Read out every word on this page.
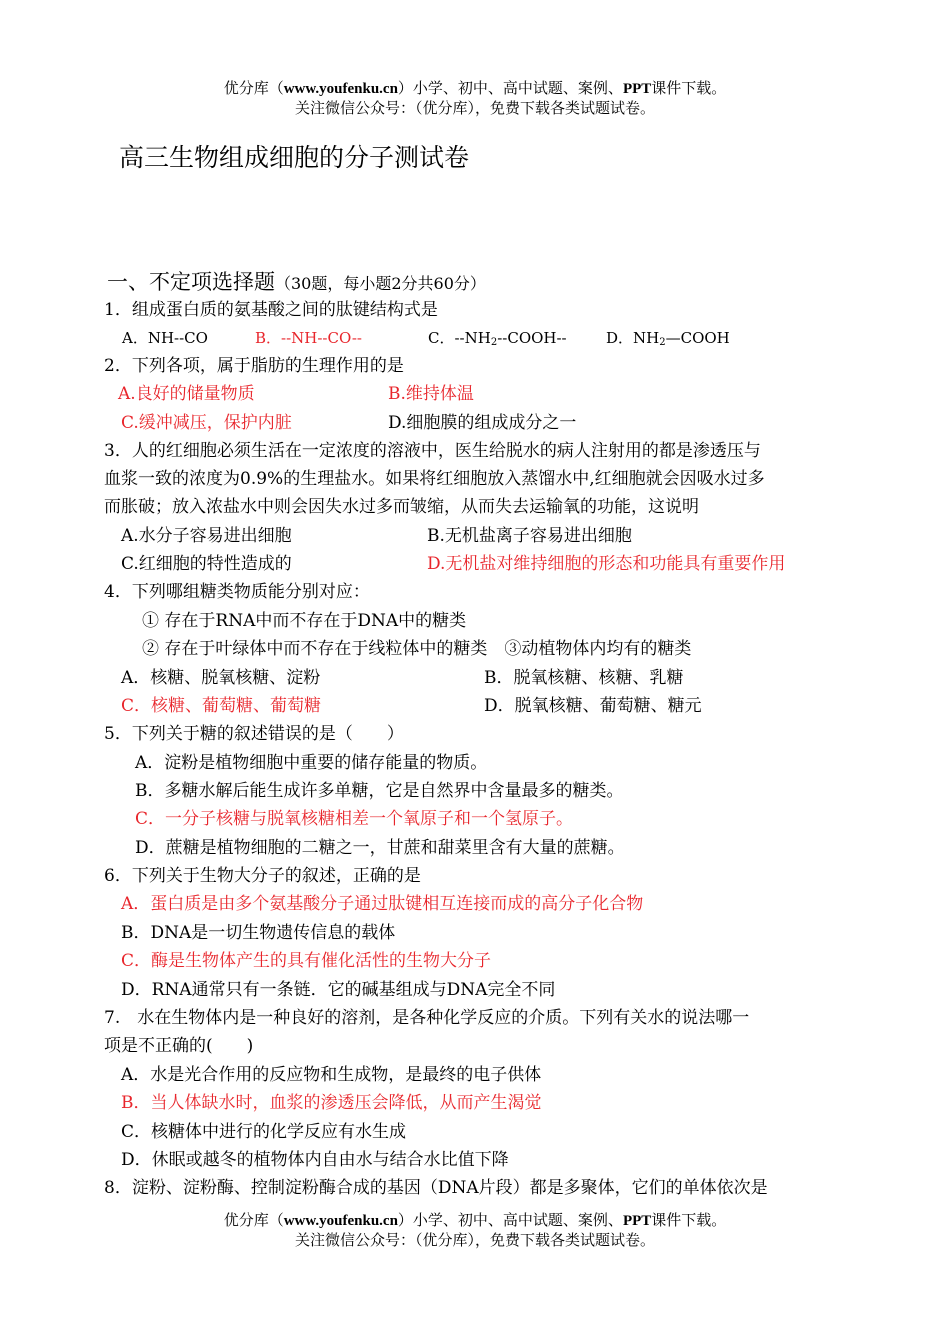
优分库（www.youfenku.cn）小学、初中、高中试题、案例、PPT课件下载。
关注微信公众号：（优分库），免费下载各类试题试卷。
高三生物组成细胞的分子测试卷
一、不定项选择题（30题，每小题2分共60分）
1．组成蛋白质的氨基酸之间的肽键结构式是
A．NH--CO	B．--NH--CO--	C．$--NH_2--COOH--$	D．$NH_2—COOH$
2．下列各项，属于脂肪的生理作用的是
A.良好的储量物质	B.维持体温
C.缓冲减压，保护内脏	D.细胞膜的组成成分之一
3．人的红细胞必须生活在一定浓度的溶液中，医生给脱水的病人注射用的都是渗透压与
血浆一致的浓度为0.9%的生理盐水。如果将红细胞放入蒸馏水中,红细胞就会因吸水过多
而胀破；放入浓盐水中则会因失水过多而皱缩，从而失去运输氧的功能，这说明
A.水分子容易进出细胞	B.无机盐离子容易进出细胞
C.红细胞的特性造成的	D.无机盐对维持细胞的形态和功能具有重要作用
4．下列哪组糖类物质能分别对应：
① 存在于RNA中而不存在于DNA中的糖类
② 存在于叶绿体中而不存在于线粒体中的糖类　③动植物体内均有的糖类
A．核糖、脱氧核糖、淀粉	B．脱氧核糖、核糖、乳糖
C．核糖、葡萄糖、葡萄糖	D．脱氧核糖、葡萄糖、糖元
5．下列关于糖的叙述错误的是（　　）
A．淀粉是植物细胞中重要的储存能量的物质。
B．多糖水解后能生成许多单糖，它是自然界中含量最多的糖类。
C．一分子核糖与脱氧核糖相差一个氧原子和一个氢原子。
D．蔗糖是植物细胞的二糖之一，甘蔗和甜菜里含有大量的蔗糖。
6．下列关于生物大分子的叙述，正确的是
A．蛋白质是由多个氨基酸分子通过肽键相互连接而成的高分子化合物
B．DNA是一切生物遗传信息的载体
C．酶是生物体产生的具有催化活性的生物大分子
D．RNA通常只有一条链．它的碱基组成与DNA完全不同
7.　水在生物体内是一种良好的溶剂，是各种化学反应的介质。下列有关水的说法哪一
项是不正确的(　　)
A．水是光合作用的反应物和生成物，是最终的电子供体
B．当人体缺水时，血浆的渗透压会降低，从而产生渴觉
C．核糖体中进行的化学反应有水生成
D．休眠或越冬的植物体内自由水与结合水比值下降
8．淀粉、淀粉酶、控制淀粉酶合成的基因（DNA片段）都是多聚体，它们的单体依次是
优分库（www.youfenku.cn）小学、初中、高中试题、案例、PPT课件下载。
关注微信公众号：（优分库），免费下载各类试题试卷。
